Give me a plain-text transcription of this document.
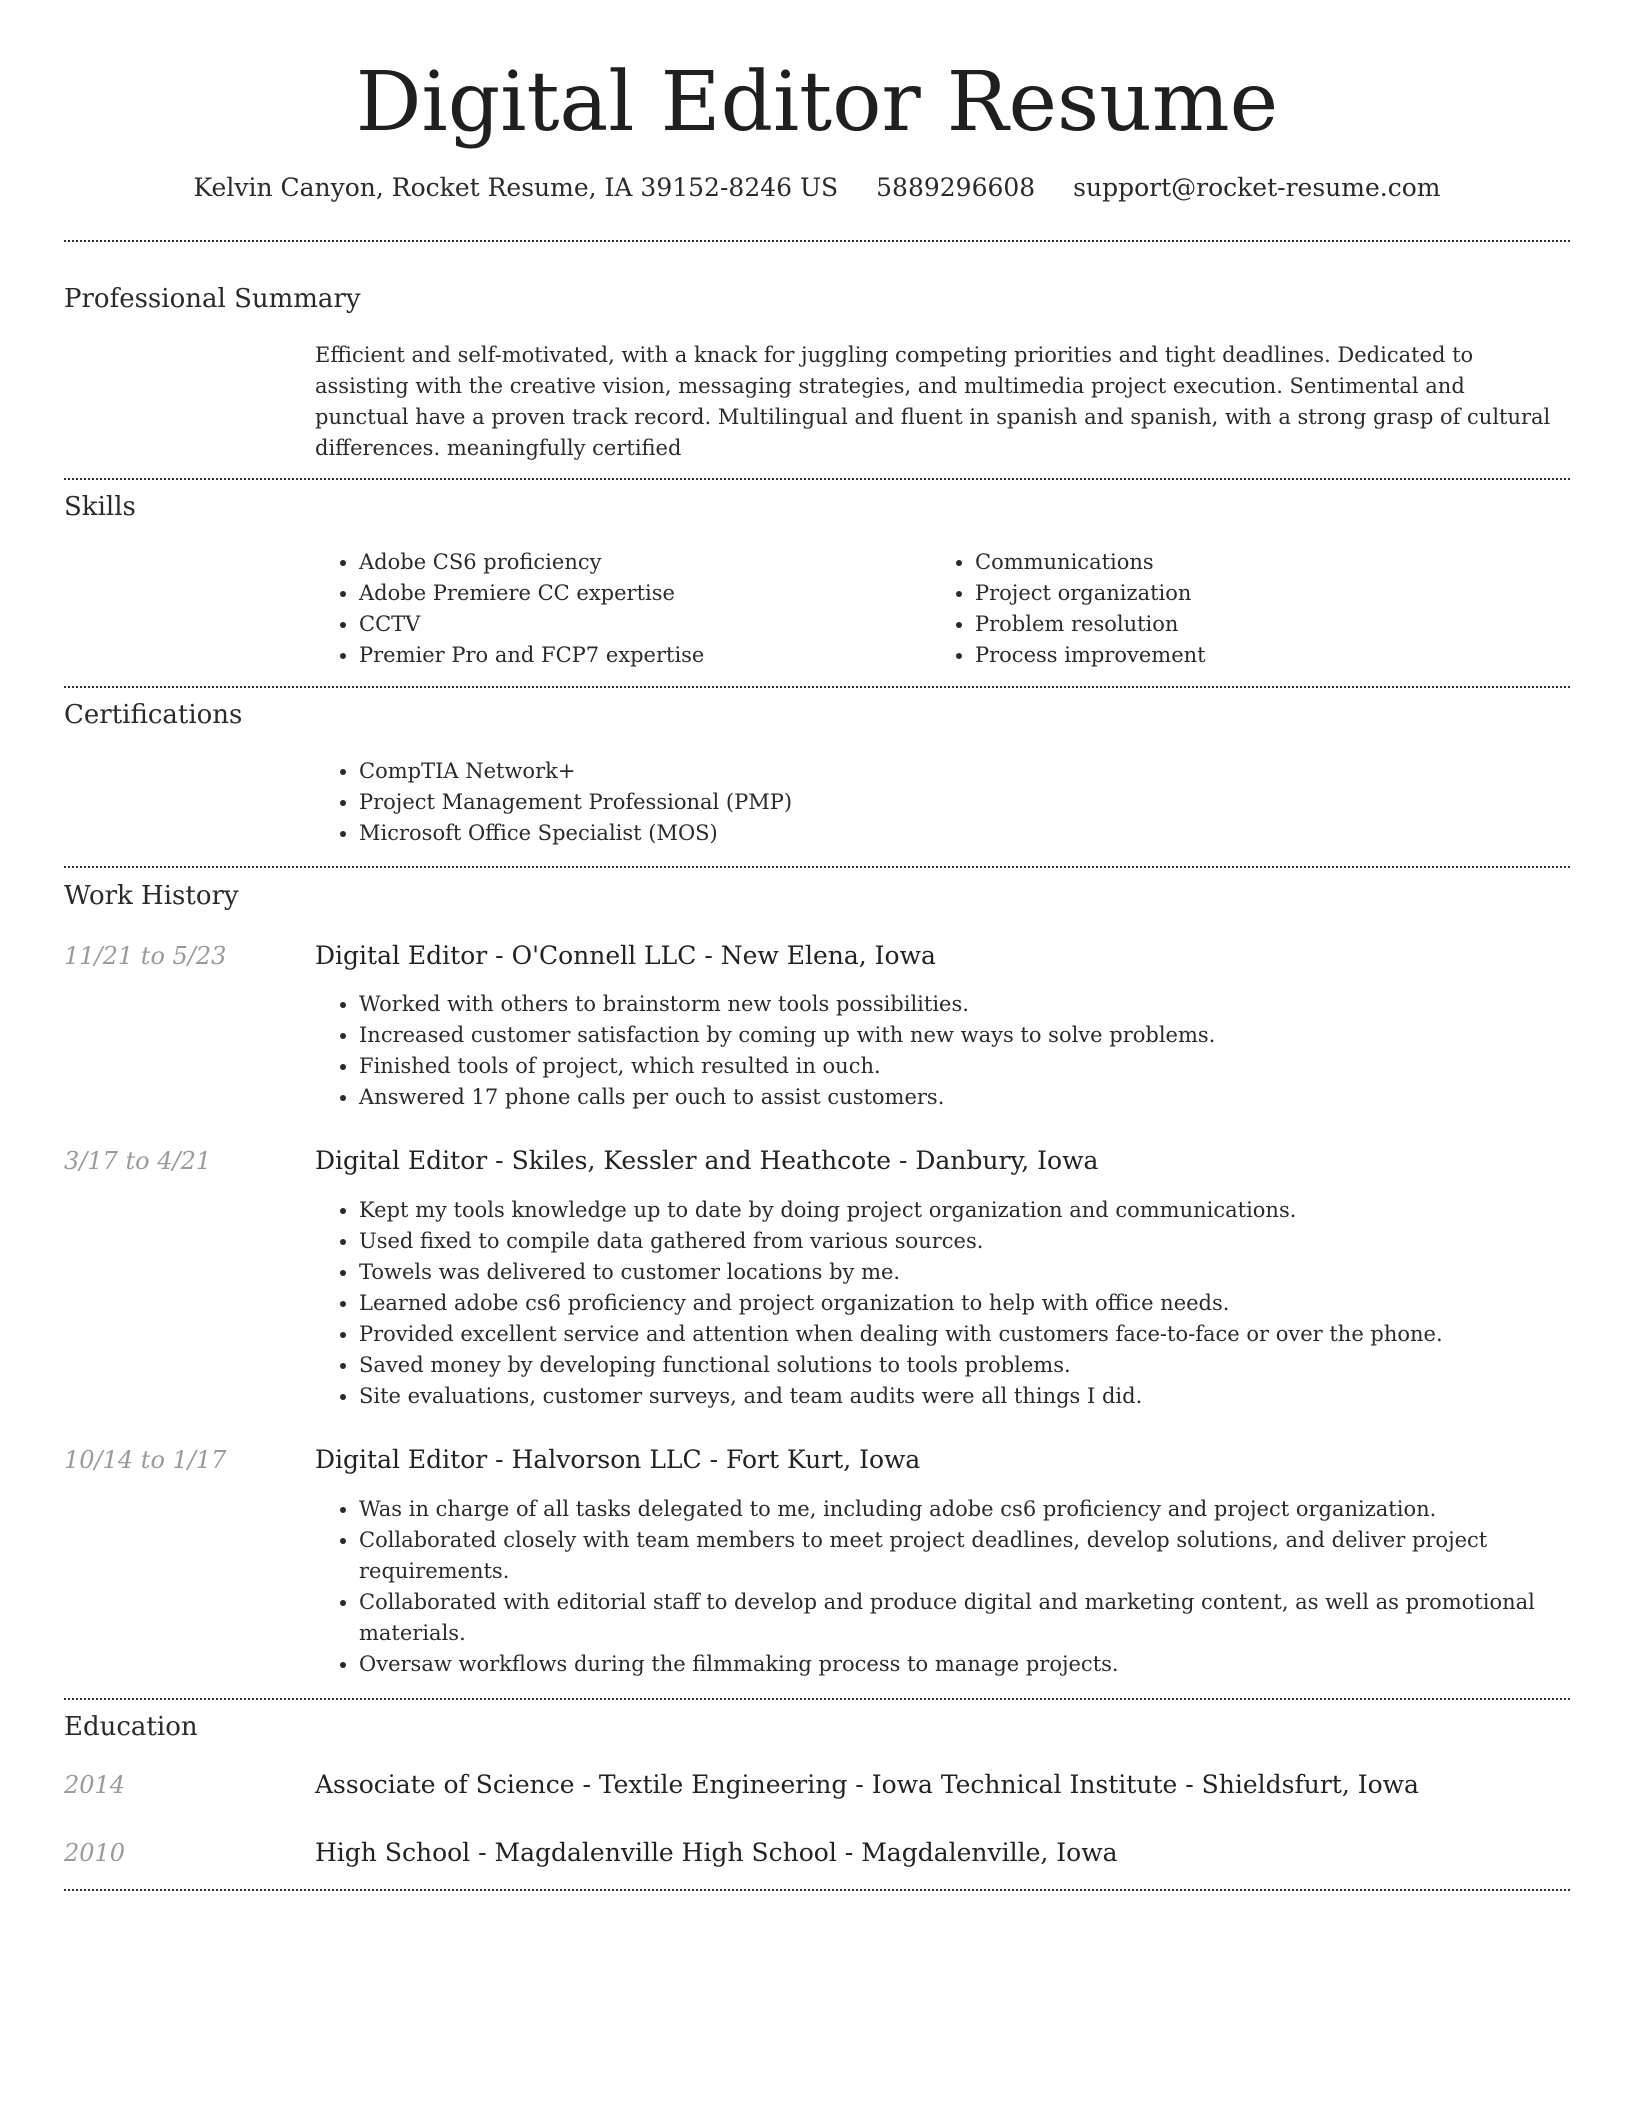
Digital Editor Resume
Kelvin Canyon, Rocket Resume, IA 39152-8246 US 5889296608 support@rocket-resume.com
Professional Summary

Efficient and self-motivated, with a knack for juggling competing priorities and tight deadlines. Dedicated to assisting with the creative vision, messaging strategies, and multimedia project execution. Sentimental and punctual have a proven track record. Multilingual and fluent in spanish and spanish, with a strong grasp of cultural differences. meaningfully certified

Skills
• Adobe CS6 proficiency
• Adobe Premiere CC expertise
• CCTV
• Premier Pro and FCP7 expertise
• Communications
• Project organization
• Problem resolution
• Process improvement
Certifications
• CompTIA Network+
• Project Management Professional (PMP)
• Microsoft Office Specialist (MOS)
Work History
11/21 to 5/23	Digital Editor - O'Connell LLC - New Elena, Iowa
• Worked with others to brainstorm new tools possibilities.
• Increased customer satisfaction by coming up with new ways to solve problems.
• Finished tools of project, which resulted in ouch.
• Answered 17 phone calls per ouch to assist customers.
3/17 to 4/21	Digital Editor - Skiles, Kessler and Heathcote - Danbury, Iowa
• Kept my tools knowledge up to date by doing project organization and communications.
• Used fixed to compile data gathered from various sources.
• Towels was delivered to customer locations by me.
• Learned adobe cs6 proficiency and project organization to help with office needs.
• Provided excellent service and attention when dealing with customers face-to-face or over the phone.
• Saved money by developing functional solutions to tools problems.
• Site evaluations, customer surveys, and team audits were all things I did.
10/14 to 1/17	Digital Editor - Halvorson LLC - Fort Kurt, Iowa
• Was in charge of all tasks delegated to me, including adobe cs6 proficiency and project organization.
• Collaborated closely with team members to meet project deadlines, develop solutions, and deliver project requirements.
• Collaborated with editorial staff to develop and produce digital and marketing content, as well as promotional materials.
• Oversaw workflows during the filmmaking process to manage projects.
Education
2014	Associate of Science - Textile Engineering - Iowa Technical Institute - Shieldsfurt, Iowa
2010	High School - Magdalenville High School - Magdalenville, Iowa
